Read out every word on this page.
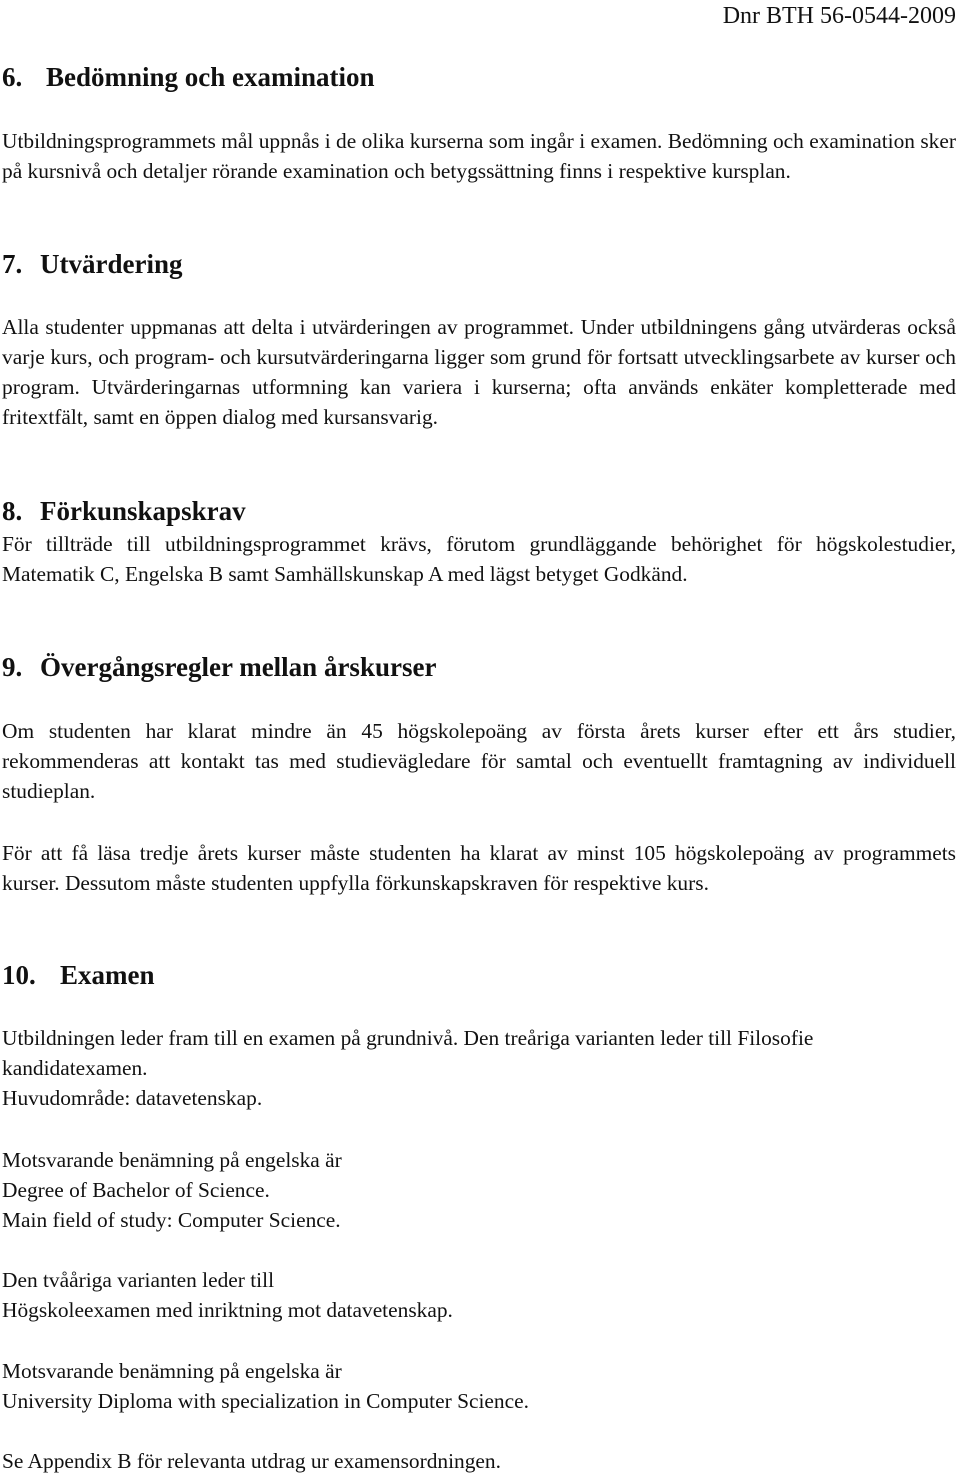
Dnr BTH 56-0544-2009
6. Bedömning och examination

Utbildningsprogrammets mål uppnås i de olika kurserna som ingår i examen. Bedömning och examination sker på kursnivå och detaljer rörande examination och betygssättning finns i respektive kursplan.

7. Utvärdering

Alla studenter uppmanas att delta i utvärderingen av programmet. Under utbildningens gång utvärderas också varje kurs, och program- och kursutvärderingarna ligger som grund för fortsatt utvecklingsarbete av kurser och program. Utvärderingarnas utformning kan variera i kurserna; ofta används enkäter kompletterade med fritextfält, samt en öppen dialog med kursansvarig.

8. Förkunskapskrav

För tillträde till utbildningsprogrammet krävs, förutom grundläggande behörighet för högskolestudier, Matematik C, Engelska B samt Samhällskunskap A med lägst betyget Godkänd.

9. Övergångsregler mellan årskurser

Om studenten har klarat mindre än 45 högskolepoäng av första årets kurser efter ett års studier, rekommenderas att kontakt tas med studievägledare för samtal och eventuellt framtagning av individuell studieplan.

För att få läsa tredje årets kurser måste studenten ha klarat av minst 105 högskolepoäng av programmets kurser. Dessutom måste studenten uppfylla förkunskapskraven för respektive kurs.

10. Examen

Utbildningen leder fram till en examen på grundnivå. Den treåriga varianten leder till Filosofie kandidatexamen.

Huvudområde: datavetenskap.
Motsvarande benämning på engelska är
Degree of Bachelor of Science.
Main field of study: Computer Science.
Den tvååriga varianten leder till
Högskoleexamen med inriktning mot datavetenskap.
Motsvarande benämning på engelska är
University Diploma with specialization in Computer Science.
Se Appendix B för relevanta utdrag ur examensordningen.
